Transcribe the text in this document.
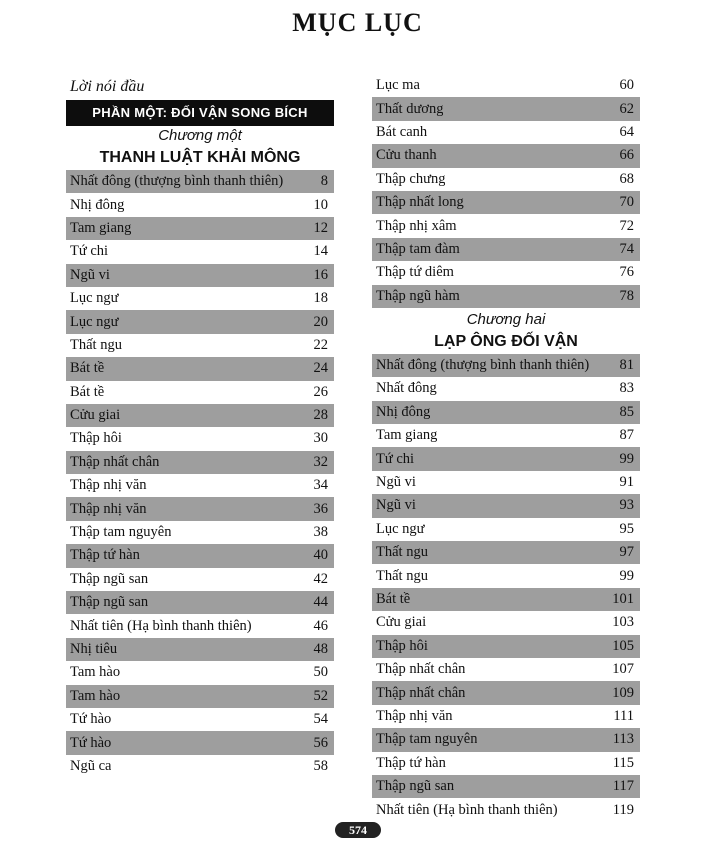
MỤC LỤC
Lời nói đầu
PHẦN MỘT: ĐỐI VẬN SONG BÍCH
Chương một
THANH LUẬT KHẢI MÔNG
Nhất đông (thượng bình thanh thiên)	8
Nhị đông	10
Tam giang	12
Tứ chi	14
Ngũ vi	16
Lục ngư	18
Lục ngư	20
Thất ngu	22
Bát tề	24
Bát tề	26
Cửu giai	28
Thập hôi	30
Thập nhất chân	32
Thập nhị văn	34
Thập nhị văn	36
Thập tam nguyên	38
Thập tứ hàn	40
Thập ngũ san	42
Thập ngũ san	44
Nhất tiên (Hạ bình thanh thiên)	46
Nhị tiêu	48
Tam hào	50
Tam hào	52
Tứ hào	54
Tứ hào	56
Ngũ ca	58
Lục ma	60
Thất dương	62
Bát canh	64
Cửu thanh	66
Thập chưng	68
Thập nhất long	70
Thập nhị xâm	72
Thập tam đàm	74
Thập tứ diêm	76
Thập ngũ hàm	78
Chương hai
LẠP ÔNG ĐỐI VẬN
Nhất đông (thượng bình thanh thiên)	81
Nhất đông	83
Nhị đông	85
Tam giang	87
Tứ chi	99
Ngũ vi	91
Ngũ vi	93
Lục ngư	95
Thất ngu	97
Thất ngu	99
Bát tề	101
Cửu giai	103
Thập hôi	105
Thập nhất chân	107
Thập nhất chân	109
Thập nhị văn	111
Thập tam nguyên	113
Thập tứ hàn	115
Thập ngũ san	117
Nhất tiên (Hạ bình thanh thiên)	119
574
